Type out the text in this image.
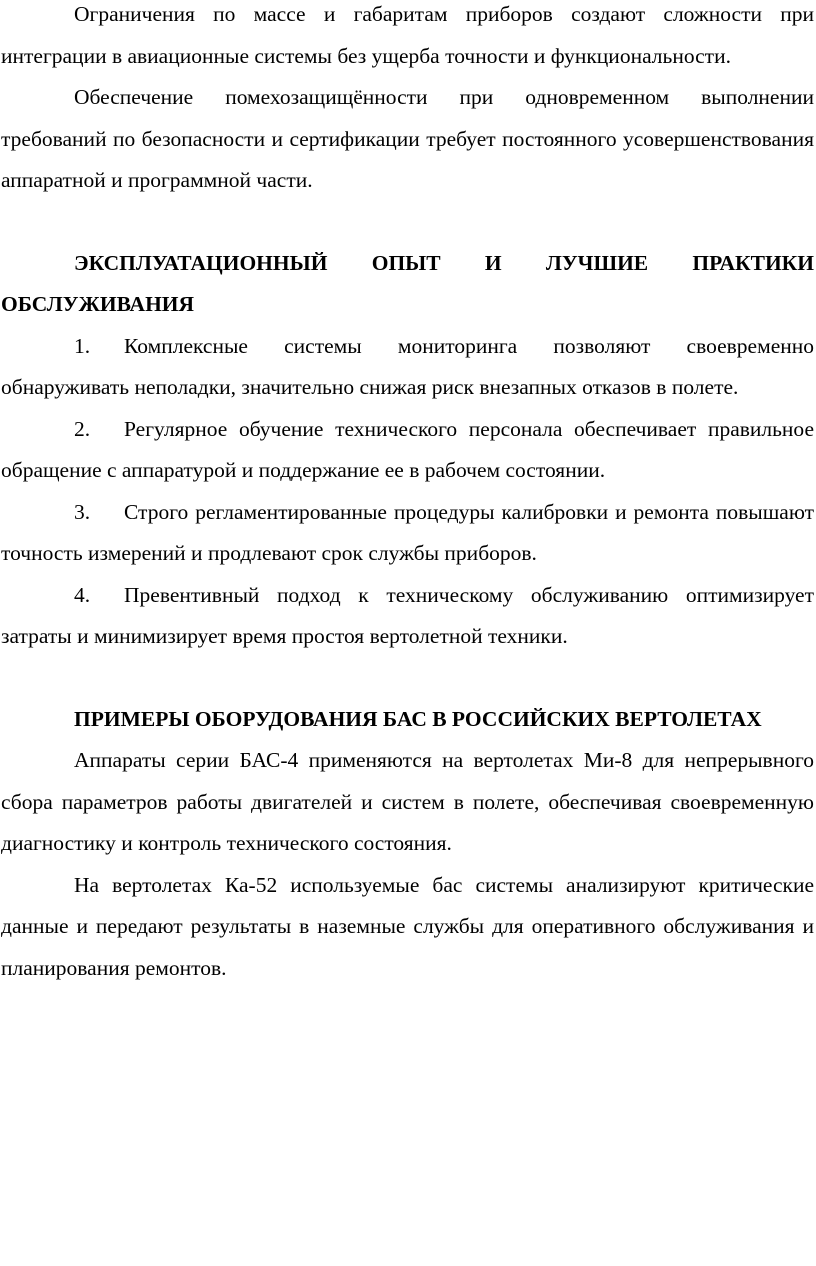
Ограничения по массе и габаритам приборов создают сложности при интеграции в авиационные системы без ущерба точности и функциональности.

Обеспечение помехозащищённости при одновременном выполнении требований по безопасности и сертификации требует постоянного усовершенствования аппаратной и программной части.

ЭКСПЛУАТАЦИОННЫЙ ОПЫТ И ЛУЧШИЕ ПРАКТИКИ ОБСЛУЖИВАНИЯ

1. Комплексные системы мониторинга позволяют своевременно обнаруживать неполадки, значительно снижая риск внезапных отказов в полете.

2. Регулярное обучение технического персонала обеспечивает правильное обращение с аппаратурой и поддержание ее в рабочем состоянии.

3. Строго регламентированные процедуры калибровки и ремонта повышают точность измерений и продлевают срок службы приборов.

4. Превентивный подход к техническому обслуживанию оптимизирует затраты и минимизирует время простоя вертолетной техники.

ПРИМЕРЫ ОБОРУДОВАНИЯ БАС В РОССИЙСКИХ ВЕРТОЛЕТАХ

Аппараты серии БАС-4 применяются на вертолетах Ми-8 для непрерывного сбора параметров работы двигателей и систем в полете, обеспечивая своевременную диагностику и контроль технического состояния.

На вертолетах Ка-52 используемые бас системы анализируют критические данные и передают результаты в наземные службы для оперативного обслуживания и планирования ремонтов.
